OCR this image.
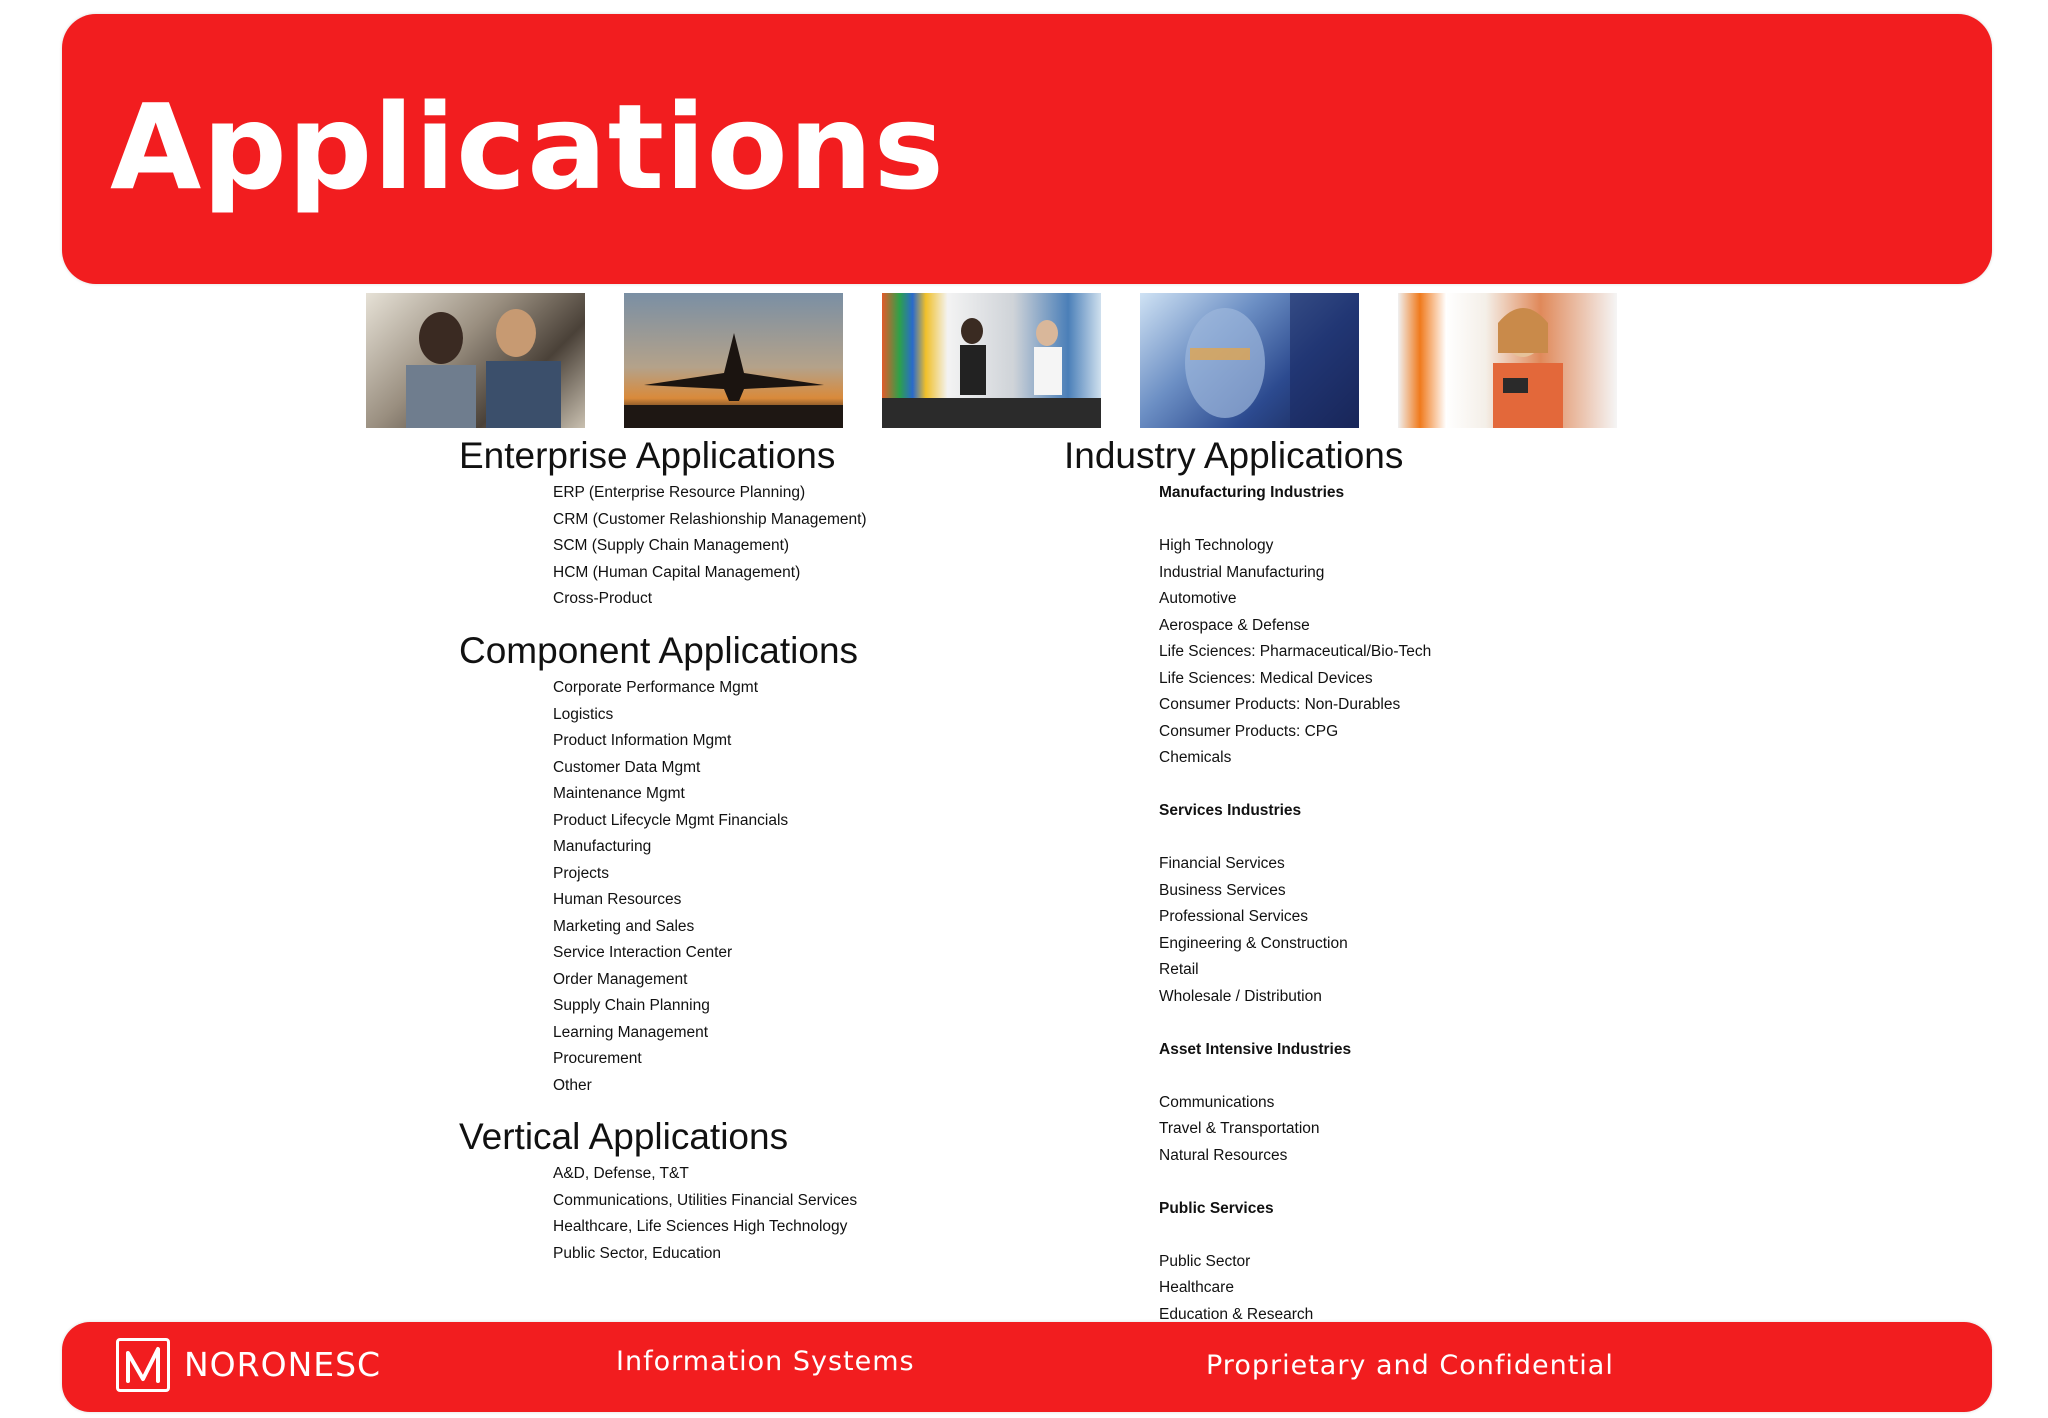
Applications
Enterprise Applications
ERP (Enterprise Resource Planning)
CRM (Customer Relashionship Management)
SCM (Supply Chain Management)
HCM (Human Capital Management)
Cross-Product
Component Applications
Corporate Performance Mgmt
Logistics
Product Information Mgmt
Customer Data Mgmt
Maintenance Mgmt
Product Lifecycle Mgmt Financials
Manufacturing
Projects
Human Resources
Marketing and Sales
Service Interaction Center
Order Management
Supply Chain Planning
Learning Management
Procurement
Other
Vertical Applications
A&D, Defense, T&T
Communications, Utilities Financial Services
Healthcare, Life Sciences High Technology
Public Sector, Education
Industry Applications
Manufacturing Industries
High Technology
Industrial Manufacturing
Automotive
Aerospace & Defense
Life Sciences: Pharmaceutical/Bio-Tech
Life Sciences: Medical Devices
Consumer Products: Non-Durables
Consumer Products: CPG
Chemicals
Services Industries
Financial Services
Business Services
Professional Services
Engineering & Construction
Retail
Wholesale / Distribution
Asset Intensive Industries
Communications
Travel & Transportation
Natural Resources
Public Services
Public Sector
Healthcare
Education & Research
NORONESC	Information Systems	Proprietary and Confidential
